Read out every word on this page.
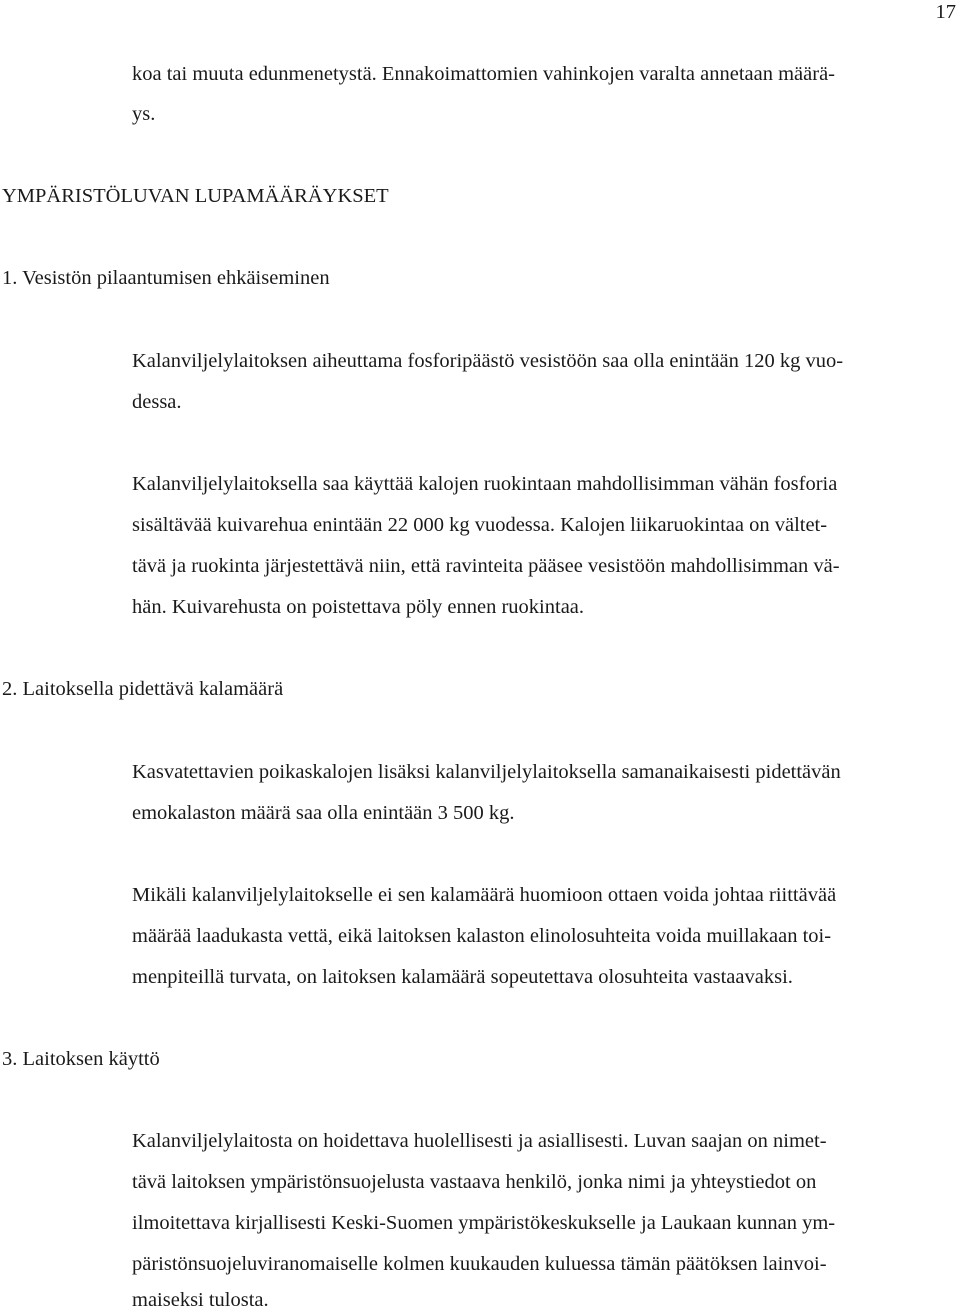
17
koa tai muuta edunmenetystä. Ennakoimattomien vahinkojen varalta annetaan määrä-
ys.
YMPÄRISTÖLUVAN LUPAMÄÄRÄYKSET
1. Vesistön pilaantumisen ehkäiseminen
Kalanviljelylaitoksen aiheuttama fosforipäästö vesistöön saa olla enintään 120 kg vuo-
dessa.
Kalanviljelylaitoksella saa käyttää kalojen ruokintaan mahdollisimman vähän fosforia
sisältävää kuivarehua enintään 22 000 kg vuodessa. Kalojen liikaruokintaa on vältet-
tävä ja ruokinta järjestettävä niin, että ravinteita pääsee vesistöön mahdollisimman vä-
hän. Kuivarehusta on poistettava pöly ennen ruokintaa.
2. Laitoksella pidettävä kalamäärä
Kasvatettavien poikaskalojen lisäksi kalanviljelylaitoksella samanaikaisesti pidettävän
emokalaston määrä saa olla enintään 3 500 kg.
Mikäli kalanviljelylaitokselle ei sen kalamäärä huomioon ottaen voida johtaa riittävää
määrää laadukasta vettä, eikä laitoksen kalaston elinolosuhteita voida muillakaan toi-
menpiteillä turvata, on laitoksen kalamäärä sopeutettava olosuhteita vastaavaksi.
3. Laitoksen käyttö
Kalanviljelylaitosta on hoidettava huolellisesti ja asiallisesti. Luvan saajan on nimet-
tävä laitoksen ympäristönsuojelusta vastaava henkilö, jonka nimi ja yhteystiedot on
ilmoitettava kirjallisesti Keski-Suomen ympäristökeskukselle ja Laukaan kunnan ym-
päristönsuojeluviranomaiselle kolmen kuukauden kuluessa tämän päätöksen lainvoi-
maiseksi tulosta.
